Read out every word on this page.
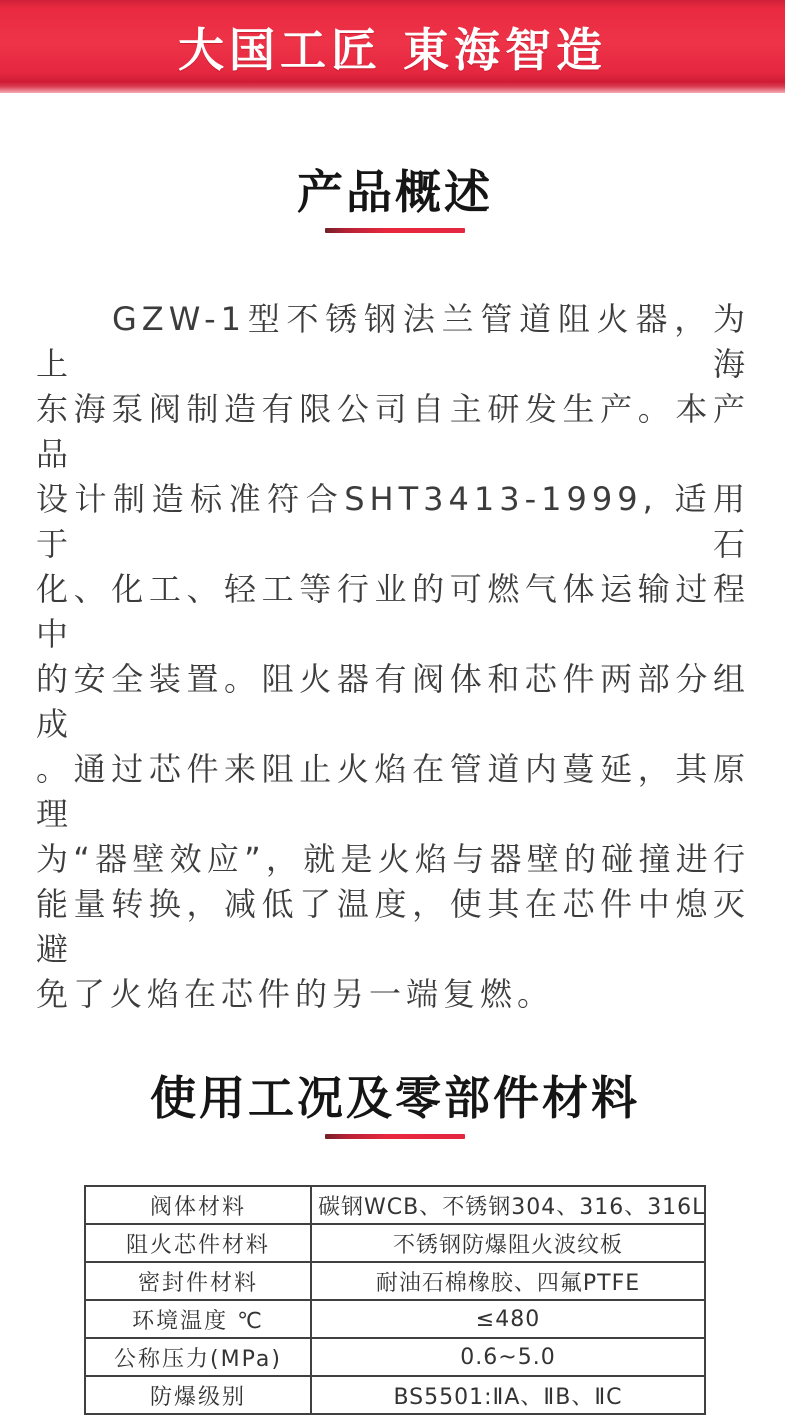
大国工匠 東海智造
产品概述
GZW-1型不锈钢法兰管道阻火器，为上海
东海泵阀制造有限公司自主研发生产。本产品
设计制造标准符合SHT3413-1999, 适用于石
化、化工、轻工等行业的可燃气体运输过程中
的安全装置。阻火器有阀体和芯件两部分组成
。通过芯件来阻止火焰在管道内蔓延，其原理
为“器壁效应”，就是火焰与器壁的碰撞进行
能量转换，减低了温度，使其在芯件中熄灭避
免了火焰在芯件的另一端复燃。
使用工况及零部件材料
阀体材料	碳钢WCB、不锈钢304、316、316L
阻火芯件材料	不锈钢防爆阻火波纹板
密封件材料	耐油石棉橡胶、四氟PTFE
环境温度 ℃	≤480
公称压力(MPa)	0.6~5.0
防爆级别	BS5501:ⅡA、ⅡB、ⅡC
